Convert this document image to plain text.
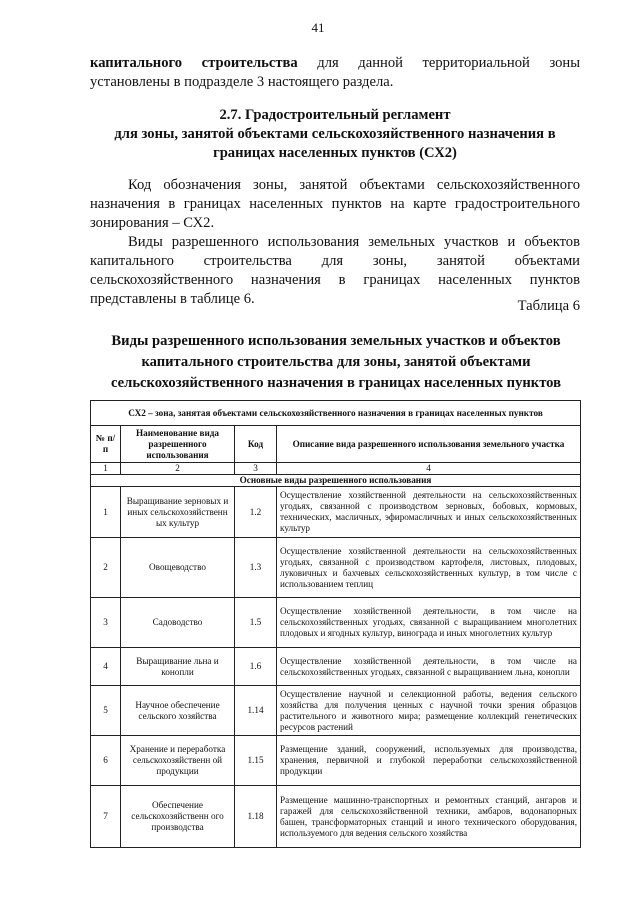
41
капитального строительства для данной территориальной зоны
установлены в подразделе 3 настоящего раздела.
2.7. Градостроительный регламент
для зоны, занятой объектами сельскохозяйственного назначения в
границах населенных пунктов (СХ2)
Код обозначения зоны, занятой объектами сельскохозяйственного
назначения в границах населенных пунктов на карте градостроительного
зонирования – СХ2.
Виды разрешенного использования земельных участков и объектов
капитального строительства для зоны, занятой объектами
сельскохозяйственного назначения в границах населенных пунктов
представлены в таблице 6.	Таблица 6
Виды разрешенного использования земельных участков и объектов
капитального строительства для зоны, занятой объектами
сельскохозяйственного назначения в границах населенных пунктов
СХ2 – зона, занятая объектами сельскохозяйственного назначения в границах населенных пунктов			
№ п/п	Наименование вида разрешенного использования	Код	Описание вида разрешенного использования земельного участка
1	2	3	4
Основные виды разрешенного использования			
1	Выращивание зерновых и иных сельскохозяйственн ых культур	1.2	Осуществление хозяйственной деятельности на сельскохозяйственных угодьях, связанной с производством зерновых, бобовых, кормовых, технических, масличных, эфиромасличных и иных сельскохозяйственных культур
2	Овощеводство	1.3	Осуществление хозяйственной деятельности на сельскохозяйственных угодьях, связанной с производством картофеля, листовых, плодовых, луковичных и бахчевых сельскохозяйственных культур, в том числе с использованием теплиц
3	Садоводство	1.5	Осуществление хозяйственной деятельности, в том числе на сельскохозяйственных угодьях, связанной с выращиванием многолетних плодовых и ягодных культур, винограда и иных многолетних культур
4	Выращивание льна и конопли	1.6	Осуществление хозяйственной деятельности, в том числе на сельскохозяйственных угодьях, связанной с выращиванием льна, конопли
5	Научное обеспечение сельского хозяйства	1.14	Осуществление научной и селекционной работы, ведения сельского хозяйства для получения ценных с научной точки зрения образцов растительного и животного мира; размещение коллекций генетических ресурсов растений
6	Хранение и переработка сельскохозяйственн ой продукции	1.15	Размещение зданий, сооружений, используемых для производства, хранения, первичной и глубокой переработки сельскохозяйственной продукции
7	Обеспечение сельскохозяйственн ого производства	1.18	Размещение машинно-транспортных и ремонтных станций, ангаров и гаражей для сельскохозяйственной техники, амбаров, водонапорных башен, трансформаторных станций и иного технического оборудования, используемого для ведения сельского хозяйства
